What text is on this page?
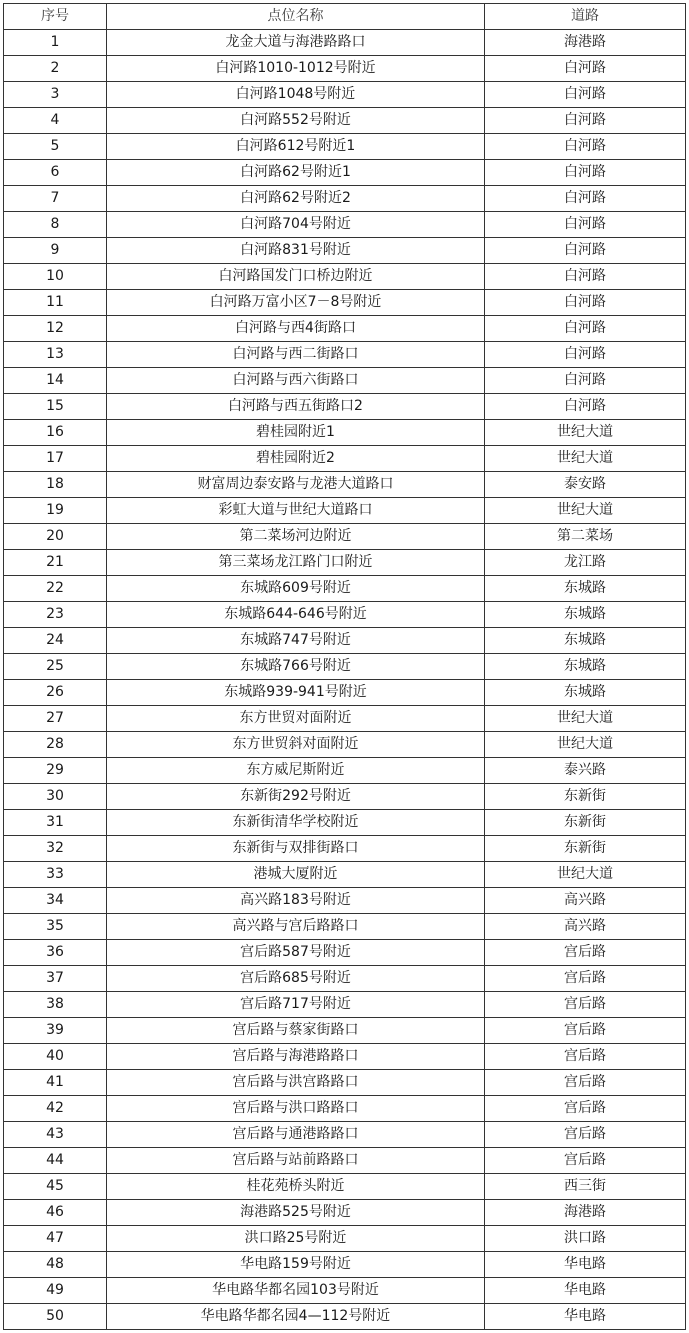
序号	点位名称	道路
1	龙金大道与海港路路口	海港路
2	白河路1010-1012号附近	白河路
3	白河路1048号附近	白河路
4	白河路552号附近	白河路
5	白河路612号附近1	白河路
6	白河路62号附近1	白河路
7	白河路62号附近2	白河路
8	白河路704号附近	白河路
9	白河路831号附近	白河路
10	白河路国发门口桥边附近	白河路
11	白河路万富小区7－8号附近	白河路
12	白河路与西4街路口	白河路
13	白河路与西二街路口	白河路
14	白河路与西六街路口	白河路
15	白河路与西五街路口2	白河路
16	碧桂园附近1	世纪大道
17	碧桂园附近2	世纪大道
18	财富周边泰安路与龙港大道路口	泰安路
19	彩虹大道与世纪大道路口	世纪大道
20	第二菜场河边附近	第二菜场
21	第三菜场龙江路门口附近	龙江路
22	东城路609号附近	东城路
23	东城路644-646号附近	东城路
24	东城路747号附近	东城路
25	东城路766号附近	东城路
26	东城路939-941号附近	东城路
27	东方世贸对面附近	世纪大道
28	东方世贸斜对面附近	世纪大道
29	东方威尼斯附近	泰兴路
30	东新街292号附近	东新街
31	东新街清华学校附近	东新街
32	东新街与双排街路口	东新街
33	港城大厦附近	世纪大道
34	高兴路183号附近	高兴路
35	高兴路与宫后路路口	高兴路
36	宫后路587号附近	宫后路
37	宫后路685号附近	宫后路
38	宫后路717号附近	宫后路
39	宫后路与蔡家街路口	宫后路
40	宫后路与海港路路口	宫后路
41	宫后路与洪宫路路口	宫后路
42	宫后路与洪口路路口	宫后路
43	宫后路与通港路路口	宫后路
44	宫后路与站前路路口	宫后路
45	桂花苑桥头附近	西三街
46	海港路525号附近	海港路
47	洪口路25号附近	洪口路
48	华电路159号附近	华电路
49	华电路华都名园103号附近	华电路
50	华电路华都名园4—112号附近	华电路
